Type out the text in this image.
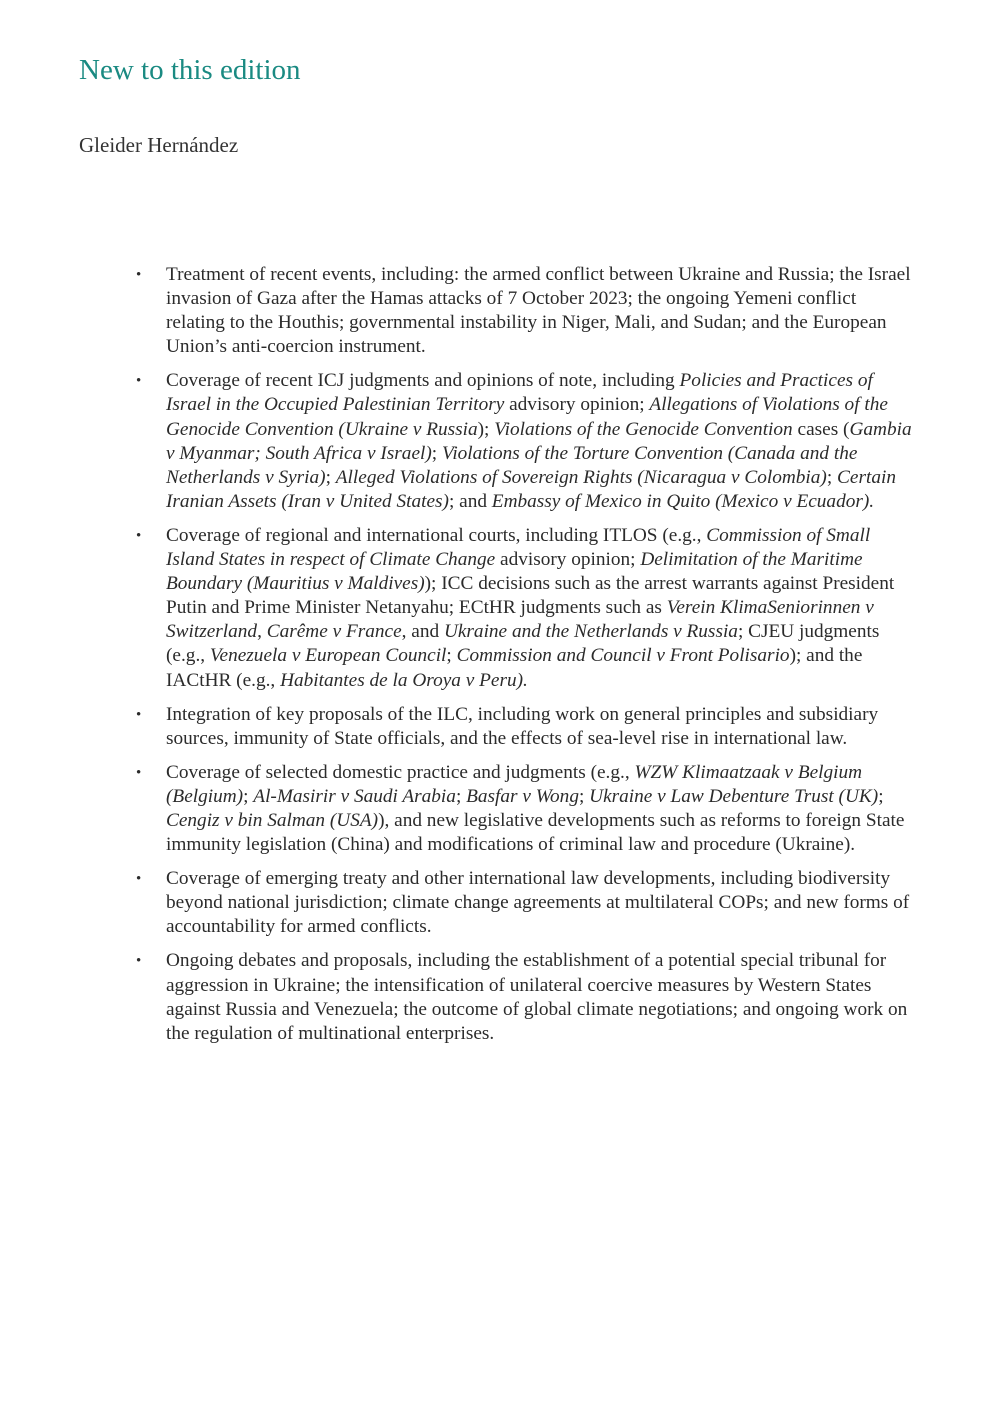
New to this edition

Gleider Hernández

• Treatment of recent events, including: the armed conflict between Ukraine and Russia; the Israel invasion of Gaza after the Hamas attacks of 7 October 2023; the ongoing Yemeni conflict relating to the Houthis; governmental instability in Niger, Mali, and Sudan; and the European Union’s anti-coercion instrument.
• Coverage of recent ICJ judgments and opinions of note, including Policies and Practices of Israel in the Occupied Palestinian Territory advisory opinion; Allegations of Violations of the Genocide Convention (Ukraine v Russia); Violations of the Genocide Convention cases (Gambia v Myanmar; South Africa v Israel); Violations of the Torture Convention (Canada and the Netherlands v Syria); Alleged Violations of Sovereign Rights (Nicaragua v Colombia); Certain Iranian Assets (Iran v United States); and Embassy of Mexico in Quito (Mexico v Ecuador).
• Coverage of regional and international courts, including ITLOS (e.g., Commission of Small Island States in respect of Climate Change advisory opinion; Delimitation of the Maritime Boundary (Mauritius v Maldives)); ICC decisions such as the arrest warrants against President Putin and Prime Minister Netanyahu; ECtHR judgments such as Verein KlimaSeniorinnen v Switzerland, Carême v France, and Ukraine and the Netherlands v Russia; CJEU judgments (e.g., Venezuela v European Council; Commission and Council v Front Polisario); and the IACtHR (e.g., Habitantes de la Oroya v Peru).
• Integration of key proposals of the ILC, including work on general principles and subsidiary sources, immunity of State officials, and the effects of sea-level rise in international law.
• Coverage of selected domestic practice and judgments (e.g., WZW Klimaatzaak v Belgium (Belgium); Al-Masirir v Saudi Arabia; Basfar v Wong; Ukraine v Law Debenture Trust (UK); Cengiz v bin Salman (USA)), and new legislative developments such as reforms to foreign State immunity legislation (China) and modifications of criminal law and procedure (Ukraine).
• Coverage of emerging treaty and other international law developments, including biodiversity beyond national jurisdiction; climate change agreements at multilateral COPs; and new forms of accountability for armed conflicts.
• Ongoing debates and proposals, including the establishment of a potential special tribunal for aggression in Ukraine; the intensification of unilateral coercive measures by Western States against Russia and Venezuela; the outcome of global climate negotiations; and ongoing work on the regulation of multinational enterprises.
